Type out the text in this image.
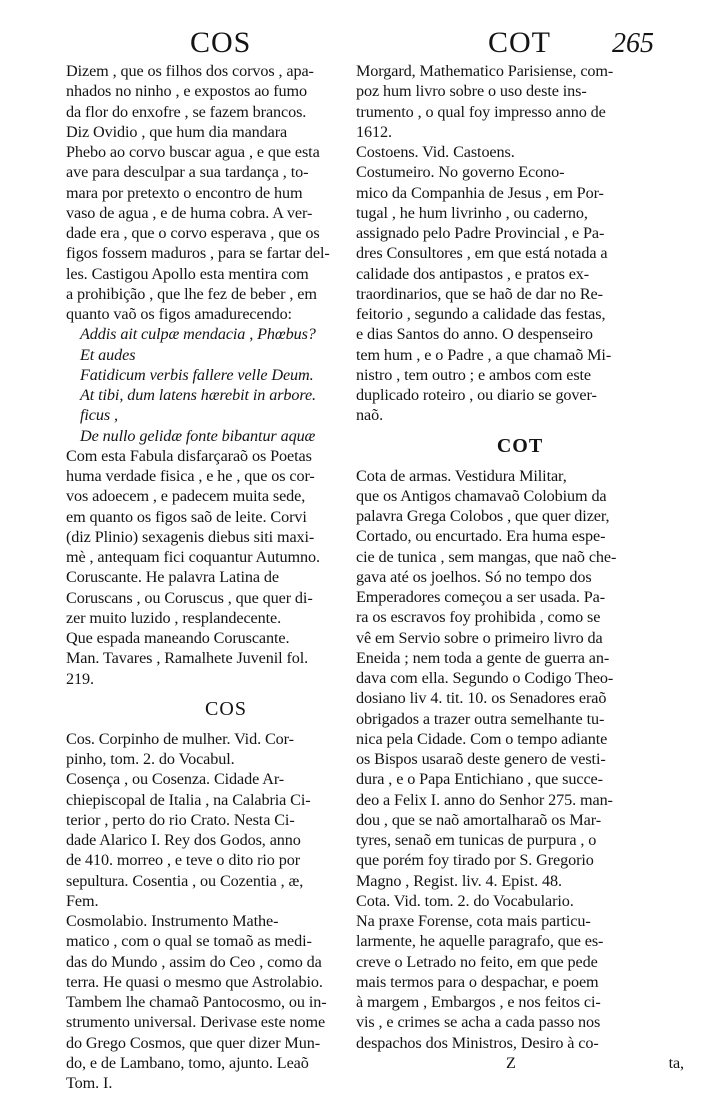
COS	COT 265
Dizem , que os filhos dos corvos , apa-
nhados no ninho , e expostos ao fumo
da flor do enxofre , se fazem brancos.
Diz Ovidio , que hum dia mandara
Phebo ao corvo buscar agua , e que esta
ave para desculpar a sua tardança , to-
mara por pretexto o encontro de hum
vaso de agua , e de huma cobra. A ver-
dade era , que o corvo esperava , que os
figos fossem maduros , para se fartar del-
les. Castigou Apollo esta mentira com
a prohibição , que lhe fez de beber , em
quanto vaõ os figos amadurecendo:
Addis ait culpæ mendacia , Phœbus?
Et audes
Fatidicum verbis fallere velle Deum.
At tibi, dum latens hærebit in arbore.
ficus ,
De nullo gelidæ fonte bibantur aquæ
Com esta Fabula disfarçaraõ os Poetas
huma verdade fisica , e he , que os cor-
vos adoecem , e padecem muita sede,
em quanto os figos saõ de leite. Corvi
(diz Plinio) sexagenis diebus siti maxi-
mè , antequam fici coquantur Autumno.
Coruscante. He palavra Latina de
Coruscans , ou Coruscus , que quer di-
zer muito luzido , resplandecente.
Que espada maneando Coruscante.
Man. Tavares , Ramalhete Juvenil fol.
219.
COS
Cos. Corpinho de mulher. Vid. Cor-
pinho, tom. 2. do Vocabul.
Cosença , ou Cosenza. Cidade Ar-
chiepiscopal de Italia , na Calabria Ci-
terior , perto do rio Crato. Nesta Ci-
dade Alarico I. Rey dos Godos, anno
de 410. morreo , e teve o dito rio por
sepultura. Cosentia , ou Cozentia , æ,
Fem.
Cosmolabio. Instrumento Mathe-
matico , com o qual se tomaõ as medi-
das do Mundo , assim do Ceo , como da
terra. He quasi o mesmo que Astrolabio.
Tambem lhe chamaõ Pantocosmo, ou in-
strumento universal. Derivase este nome
do Grego Cosmos, que quer dizer Mun-
do, e de Lambano, tomo, ajunto. Leaõ
Tom. I.
Morgard, Mathematico Parisiense, com-
poz hum livro sobre o uso deste ins-
trumento , o qual foy impresso anno de
1612.
Costoens. Vid. Castoens.
Costumeiro. No governo Econo-
mico da Companhia de Jesus , em Por-
tugal , he hum livrinho , ou caderno,
assignado pelo Padre Provincial , e Pa-
dres Consultores , em que está notada a
calidade dos antipastos , e pratos ex-
traordinarios, que se haõ de dar no Re-
feitorio , segundo a calidade das festas,
e dias Santos do anno. O despenseiro
tem hum , e o Padre , a que chamaõ Mi-
nistro , tem outro ; e ambos com este
duplicado roteiro , ou diario se gover-
naõ.
COT
Cota de armas. Vestidura Militar,
que os Antigos chamavaõ Colobium da
palavra Grega Colobos , que quer dizer,
Cortado, ou encurtado. Era huma espe-
cie de tunica , sem mangas, que naõ che-
gava até os joelhos. Só no tempo dos
Emperadores começou a ser usada. Pa-
ra os escravos foy prohibida , como se
vê em Servio sobre o primeiro livro da
Eneida ; nem toda a gente de guerra an-
dava com ella. Segundo o Codigo Theo-
dosiano liv 4. tit. 10. os Senadores eraõ
obrigados a trazer outra semelhante tu-
nica pela Cidade. Com o tempo adiante
os Bispos usaraõ deste genero de vesti-
dura , e o Papa Entichiano , que succe-
deo a Felix I. anno do Senhor 275. man-
dou , que se naõ amortalharaõ os Mar-
tyres, senaõ em tunicas de purpura , o
que porém foy tirado por S. Gregorio
Magno , Regist. liv. 4. Epist. 48.
Cota. Vid. tom. 2. do Vocabulario.
Na praxe Forense, cota mais particu-
larmente, he aquelle paragrafo, que es-
creve o Letrado no feito, em que pede
mais termos para o despachar, e poem
à margem , Embargos , e nos feitos ci-
vis , e crimes se acha a cada passo nos
despachos dos Ministros, Desiro à co-
Z	ta,
